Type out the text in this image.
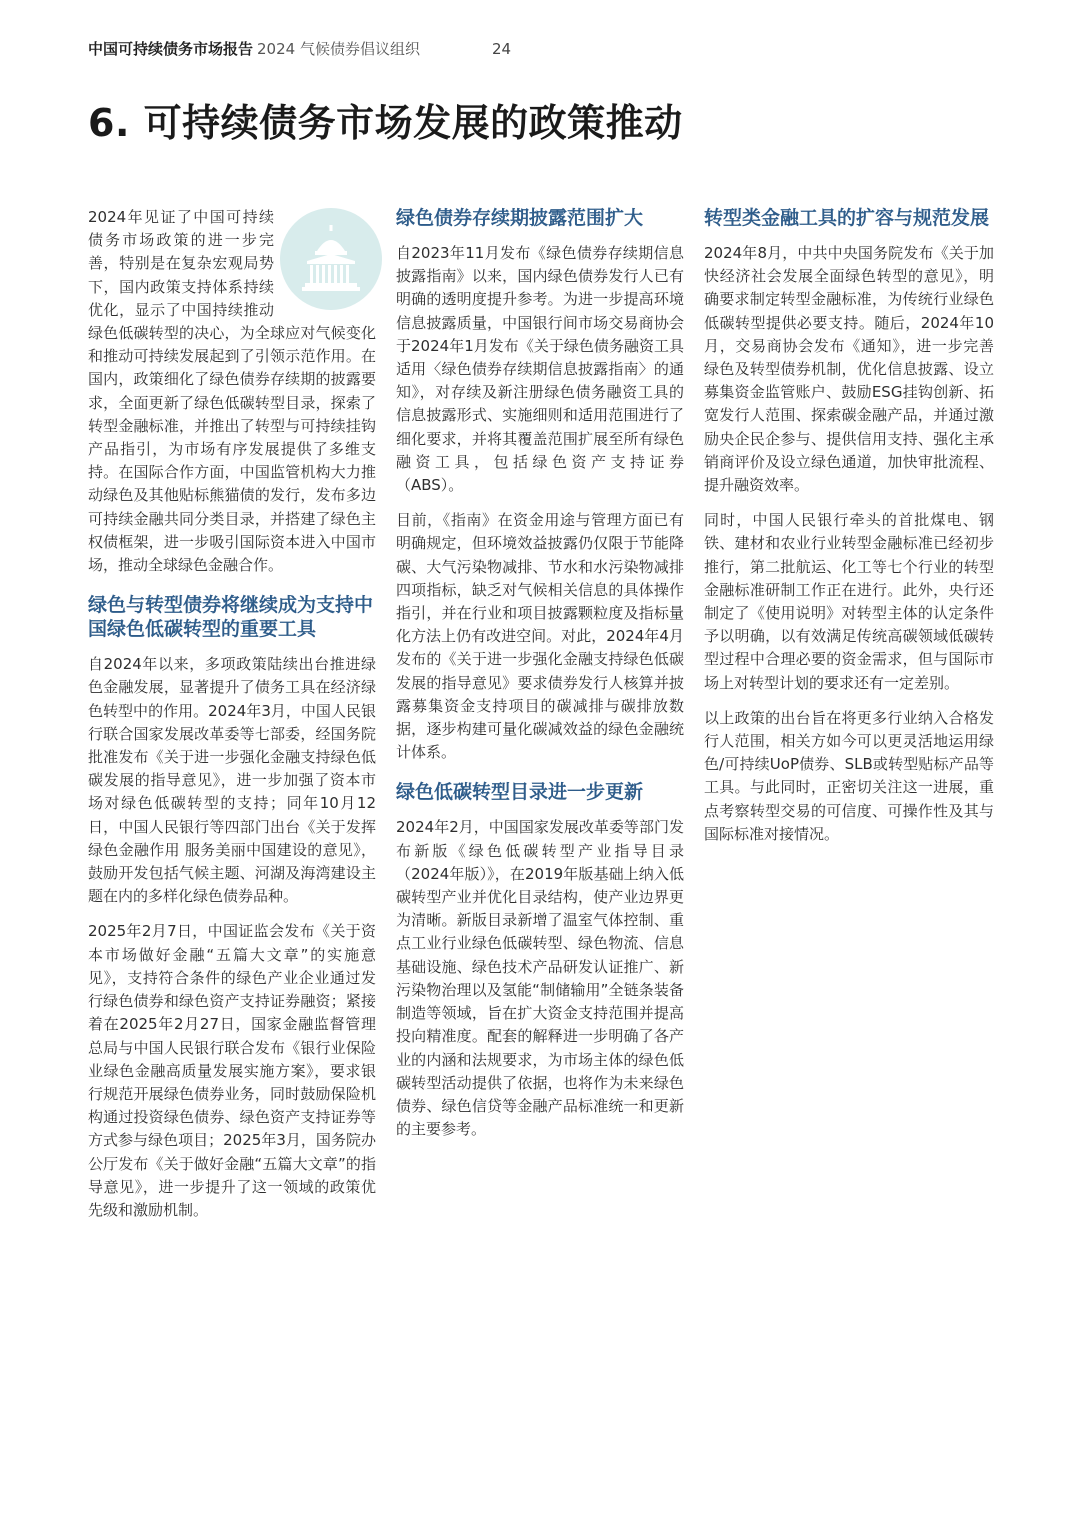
中国可持续债务市场报告 2024 气候债券倡议组织	24
6. 可持续债务市场发展的政策推动

2024年见证了中国可持续债务市场政策的进一步完善，特别是在复杂宏观局势下，国内政策支持体系持续优化，显示了中国持续推动绿色低碳转型的决心，为全球应对气候变化和推动可持续发展起到了引领示范作用。在国内，政策细化了绿色债券存续期的披露要求，全面更新了绿色低碳转型目录，探索了转型金融标准，并推出了转型与可持续挂钩产品指引，为市场有序发展提供了多维支持。在国际合作方面，中国监管机构大力推动绿色及其他贴标熊猫债的发行，发布多边可持续金融共同分类目录，并搭建了绿色主权债框架，进一步吸引国际资本进入中国市场，推动全球绿色金融合作。

绿色与转型债券将继续成为支持中国绿色低碳转型的重要工具

自2024年以来，多项政策陆续出台推进绿色金融发展，显著提升了债务工具在经济绿色转型中的作用。2024年3月，中国人民银行联合国家发展改革委等七部委，经国务院批准发布《关于进一步强化金融支持绿色低碳发展的指导意见》，进一步加强了资本市场对绿色低碳转型的支持；同年10月12日，中国人民银行等四部门出台《关于发挥绿色金融作用 服务美丽中国建设的意见》，鼓励开发包括气候主题、河湖及海湾建设主题在内的多样化绿色债券品种。

2025年2月7日，中国证监会发布《关于资本市场做好金融“五篇大文章”的实施意见》，支持符合条件的绿色产业企业通过发行绿色债券和绿色资产支持证券融资；紧接着在2025年2月27日，国家金融监督管理总局与中国人民银行联合发布《银行业保险业绿色金融高质量发展实施方案》，要求银行规范开展绿色债券业务，同时鼓励保险机构通过投资绿色债券、绿色资产支持证券等方式参与绿色项目；2025年3月，国务院办公厅发布《关于做好金融“五篇大文章”的指导意见》，进一步提升了这一领域的政策优先级和激励机制。

绿色债券存续期披露范围扩大

自2023年11月发布《绿色债券存续期信息披露指南》以来，国内绿色债券发行人已有明确的透明度提升参考。为进一步提高环境信息披露质量，中国银行间市场交易商协会于2024年1月发布《关于绿色债务融资工具适用〈绿色债券存续期信息披露指南〉的通知》，对存续及新注册绿色债务融资工具的信息披露形式、实施细则和适用范围进行了细化要求，并将其覆盖范围扩展至所有绿色融资工具，包括绿色资产支持证券（ABS）。

目前，《指南》在资金用途与管理方面已有明确规定，但环境效益披露仍仅限于节能降碳、大气污染物减排、节水和水污染物减排四项指标，缺乏对气候相关信息的具体操作指引，并在行业和项目披露颗粒度及指标量化方法上仍有改进空间。对此，2024年4月发布的《关于进一步强化金融支持绿色低碳发展的指导意见》要求债券发行人核算并披露募集资金支持项目的碳减排与碳排放数据，逐步构建可量化碳减效益的绿色金融统计体系。

绿色低碳转型目录进一步更新

2024年2月，中国国家发展改革委等部门发布新版《绿色低碳转型产业指导目录（2024年版）》，在2019年版基础上纳入低碳转型产业并优化目录结构，使产业边界更为清晰。新版目录新增了温室气体控制、重点工业行业绿色低碳转型、绿色物流、信息基础设施、绿色技术产品研发认证推广、新污染物治理以及氢能“制储输用”全链条装备制造等领域，旨在扩大资金支持范围并提高投向精准度。配套的解释进一步明确了各产业的内涵和法规要求，为市场主体的绿色低碳转型活动提供了依据，也将作为未来绿色债券、绿色信贷等金融产品标准统一和更新的主要参考。

转型类金融工具的扩容与规范发展

2024年8月，中共中央国务院发布《关于加快经济社会发展全面绿色转型的意见》，明确要求制定转型金融标准，为传统行业绿色低碳转型提供必要支持。随后，2024年10月，交易商协会发布《通知》，进一步完善绿色及转型债券机制，优化信息披露、设立募集资金监管账户、鼓励ESG挂钩创新、拓宽发行人范围、探索碳金融产品，并通过激励央企民企参与、提供信用支持、强化主承销商评价及设立绿色通道，加快审批流程、提升融资效率。

同时，中国人民银行牵头的首批煤电、钢铁、建材和农业行业转型金融标准已经初步推行，第二批航运、化工等七个行业的转型金融标准研制工作正在进行。此外，央行还制定了《使用说明》对转型主体的认定条件予以明确，以有效满足传统高碳领域低碳转型过程中合理必要的资金需求，但与国际市场上对转型计划的要求还有一定差别。

以上政策的出台旨在将更多行业纳入合格发行人范围，相关方如今可以更灵活地运用绿色/可持续UoP债券、SLB或转型贴标产品等工具。与此同时，正密切关注这一进展，重点考察转型交易的可信度、可操作性及其与国际标准对接情况。
